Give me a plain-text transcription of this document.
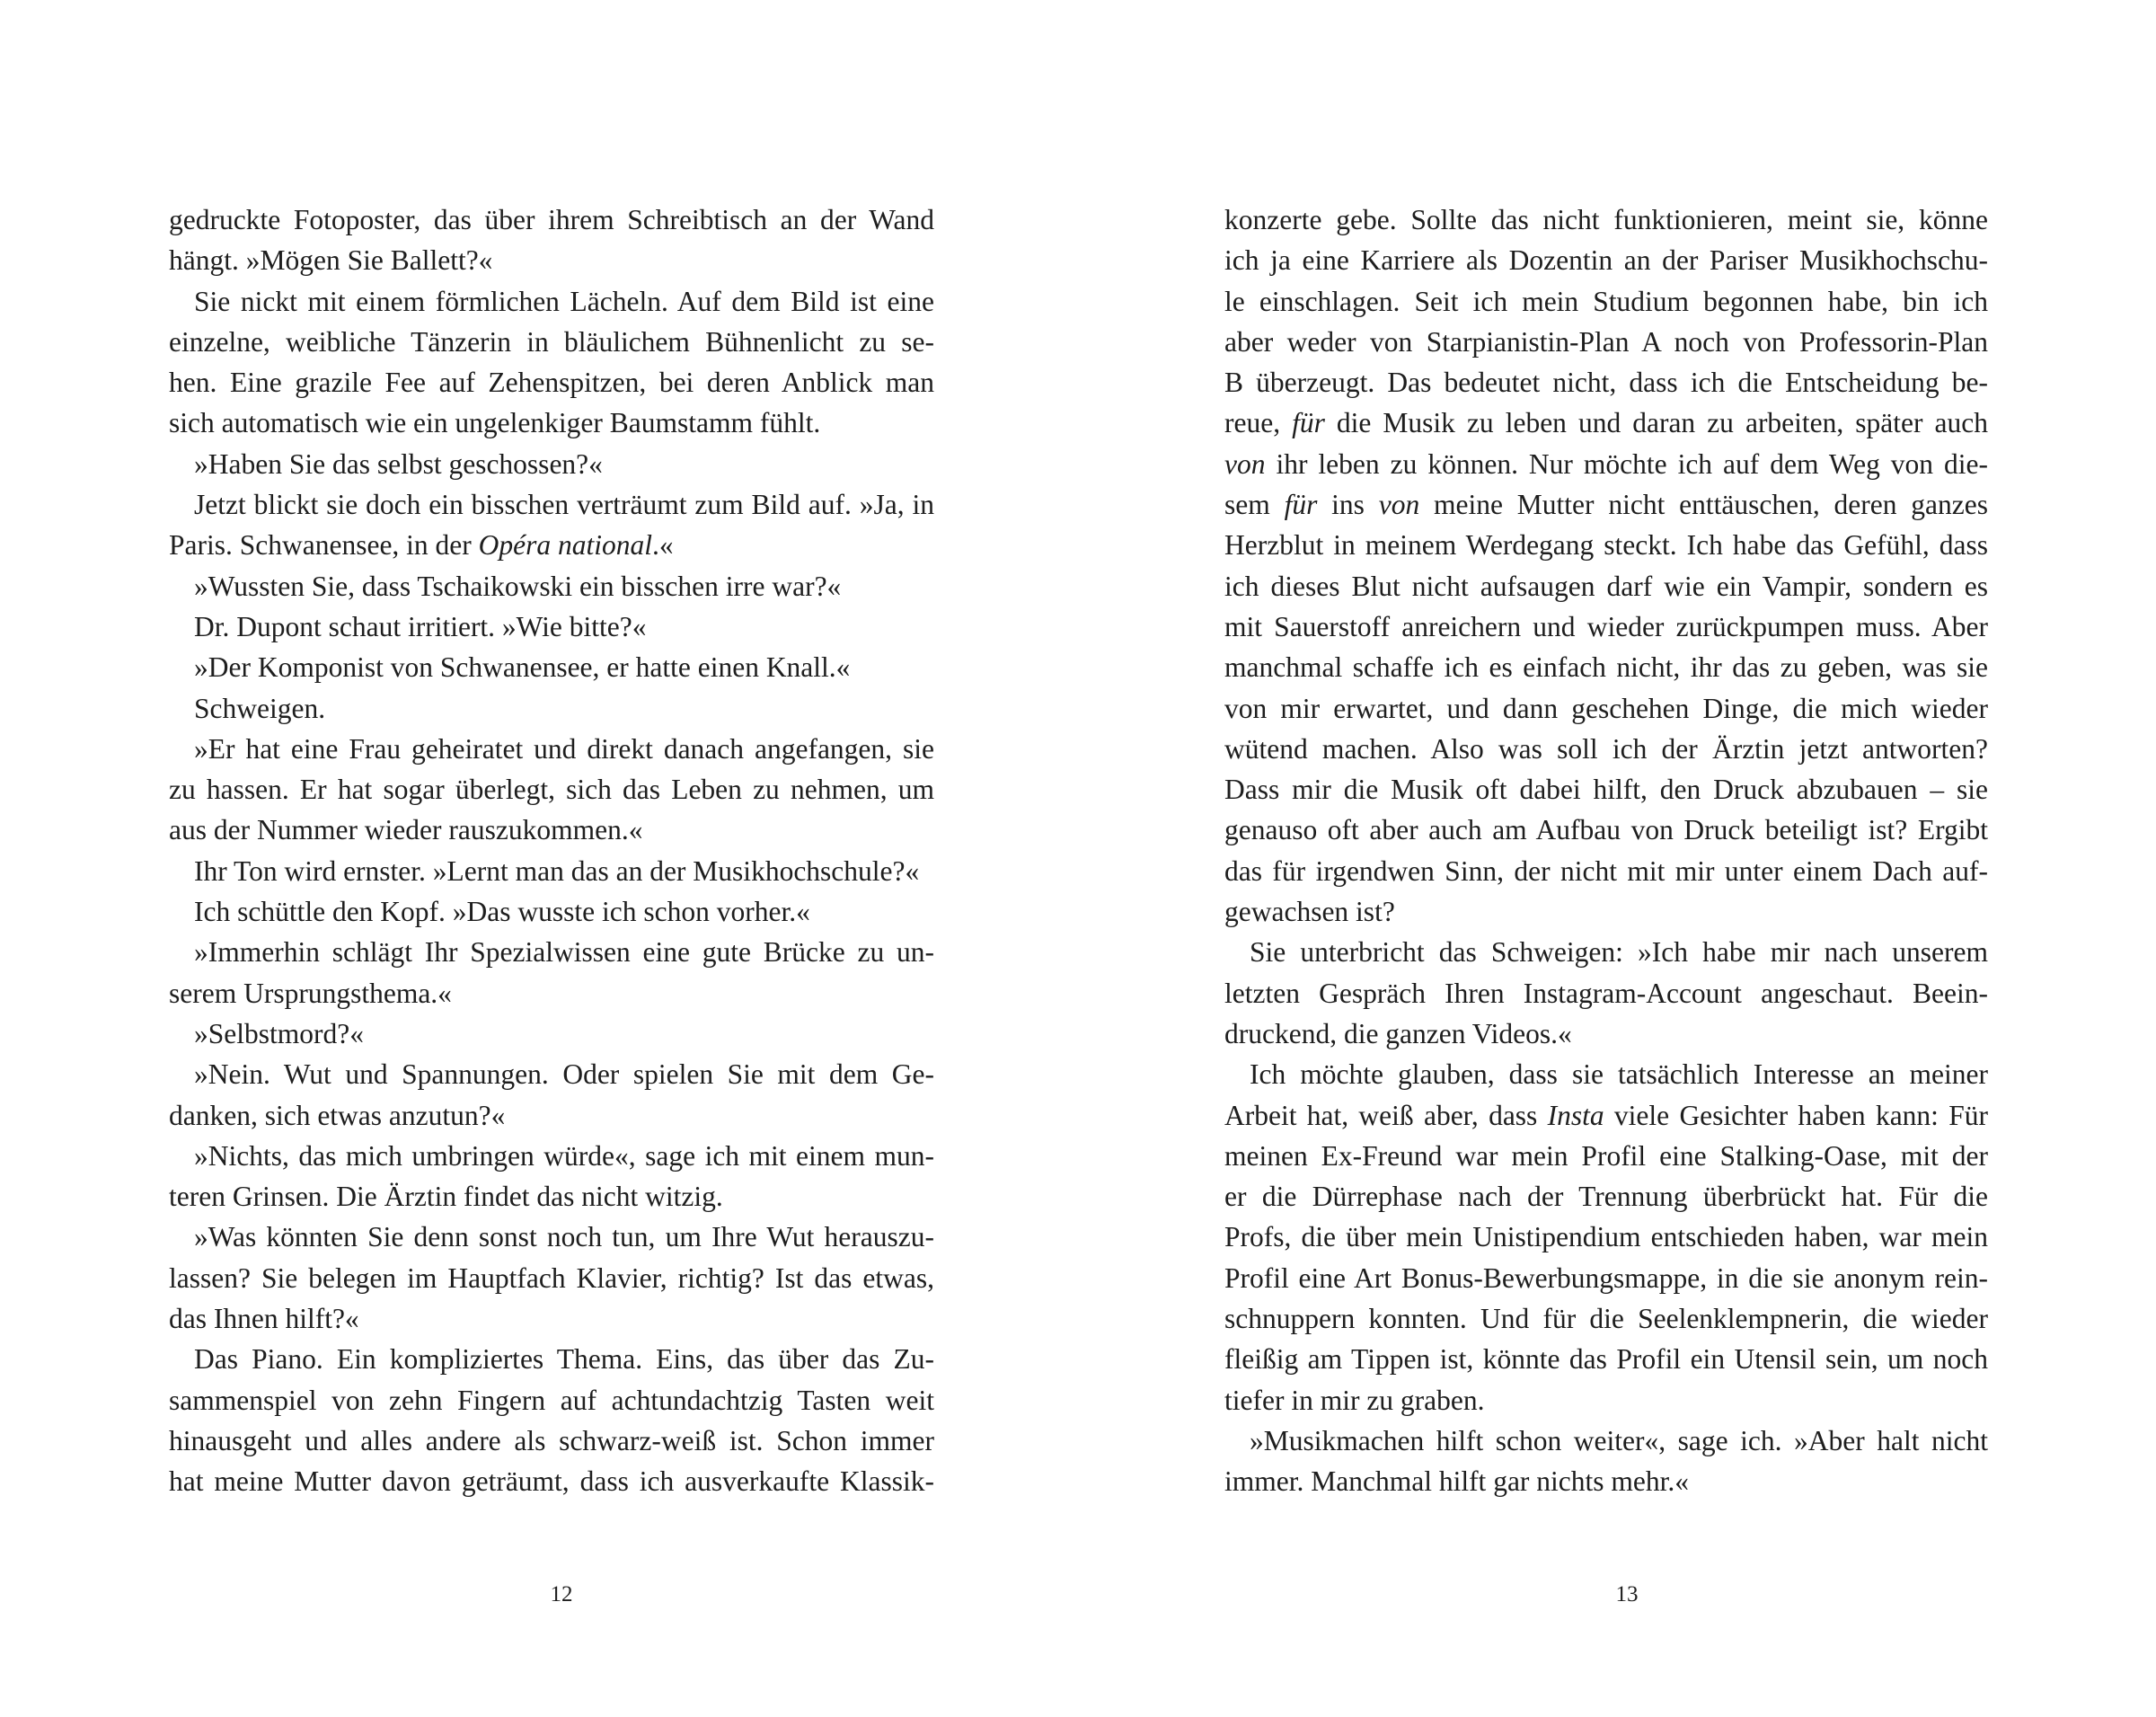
gedruckte Fotoposter, das über ihrem Schreibtisch an der Wand
hängt. »Mögen Sie Ballett?«
Sie nickt mit einem förmlichen Lächeln. Auf dem Bild ist eine
einzelne, weibliche Tänzerin in bläulichem Bühnenlicht zu se-
hen. Eine grazile Fee auf Zehenspitzen, bei deren Anblick man
sich automatisch wie ein ungelenkiger Baumstamm fühlt.
»Haben Sie das selbst geschossen?«
Jetzt blickt sie doch ein bisschen verträumt zum Bild auf. »Ja, in
Paris. Schwanensee, in der Opéra national.«
»Wussten Sie, dass Tschaikowski ein bisschen irre war?«
Dr. Dupont schaut irritiert. »Wie bitte?«
»Der Komponist von Schwanensee, er hatte einen Knall.«
Schweigen.
»Er hat eine Frau geheiratet und direkt danach angefangen, sie
zu hassen. Er hat sogar überlegt, sich das Leben zu nehmen, um
aus der Nummer wieder rauszukommen.«
Ihr Ton wird ernster. »Lernt man das an der Musikhochschule?«
Ich schüttle den Kopf. »Das wusste ich schon vorher.«
»Immerhin schlägt Ihr Spezialwissen eine gute Brücke zu un-
serem Ursprungsthema.«
»Selbstmord?«
»Nein. Wut und Spannungen. Oder spielen Sie mit dem Ge-
danken, sich etwas anzutun?«
»Nichts, das mich umbringen würde«, sage ich mit einem mun-
teren Grinsen. Die Ärztin findet das nicht witzig.
»Was könnten Sie denn sonst noch tun, um Ihre Wut herauszu-
lassen? Sie belegen im Hauptfach Klavier, richtig? Ist das etwas,
das Ihnen hilft?«
Das Piano. Ein kompliziertes Thema. Eins, das über das Zu-
sammenspiel von zehn Fingern auf achtundachtzig Tasten weit
hinausgeht und alles andere als schwarz-weiß ist. Schon immer
hat meine Mutter davon geträumt, dass ich ausverkaufte Klassik-
12
konzerte gebe. Sollte das nicht funktionieren, meint sie, könne
ich ja eine Karriere als Dozentin an der Pariser Musikhochschu-
le einschlagen. Seit ich mein Studium begonnen habe, bin ich
aber weder von Starpianistin-Plan A noch von Professorin-Plan
B überzeugt. Das bedeutet nicht, dass ich die Entscheidung be-
reue, für die Musik zu leben und daran zu arbeiten, später auch
von ihr leben zu können. Nur möchte ich auf dem Weg von die-
sem für ins von meine Mutter nicht enttäuschen, deren ganzes
Herzblut in meinem Werdegang steckt. Ich habe das Gefühl, dass
ich dieses Blut nicht aufsaugen darf wie ein Vampir, sondern es
mit Sauerstoff anreichern und wieder zurückpumpen muss. Aber
manchmal schaffe ich es einfach nicht, ihr das zu geben, was sie
von mir erwartet, und dann geschehen Dinge, die mich wieder
wütend machen. Also was soll ich der Ärztin jetzt antworten?
Dass mir die Musik oft dabei hilft, den Druck abzubauen – sie
genauso oft aber auch am Aufbau von Druck beteiligt ist? Ergibt
das für irgendwen Sinn, der nicht mit mir unter einem Dach auf-
gewachsen ist?
Sie unterbricht das Schweigen: »Ich habe mir nach unserem
letzten Gespräch Ihren Instagram-Account angeschaut. Beein-
druckend, die ganzen Videos.«
Ich möchte glauben, dass sie tatsächlich Interesse an meiner
Arbeit hat, weiß aber, dass Insta viele Gesichter haben kann: Für
meinen Ex-Freund war mein Profil eine Stalking-Oase, mit der
er die Dürrephase nach der Trennung überbrückt hat. Für die
Profs, die über mein Unistipendium entschieden haben, war mein
Profil eine Art Bonus-Bewerbungsmappe, in die sie anonym rein-
schnuppern konnten. Und für die Seelenklempnerin, die wieder
fleißig am Tippen ist, könnte das Profil ein Utensil sein, um noch
tiefer in mir zu graben.
»Musikmachen hilft schon weiter«, sage ich. »Aber halt nicht
immer. Manchmal hilft gar nichts mehr.«
13
